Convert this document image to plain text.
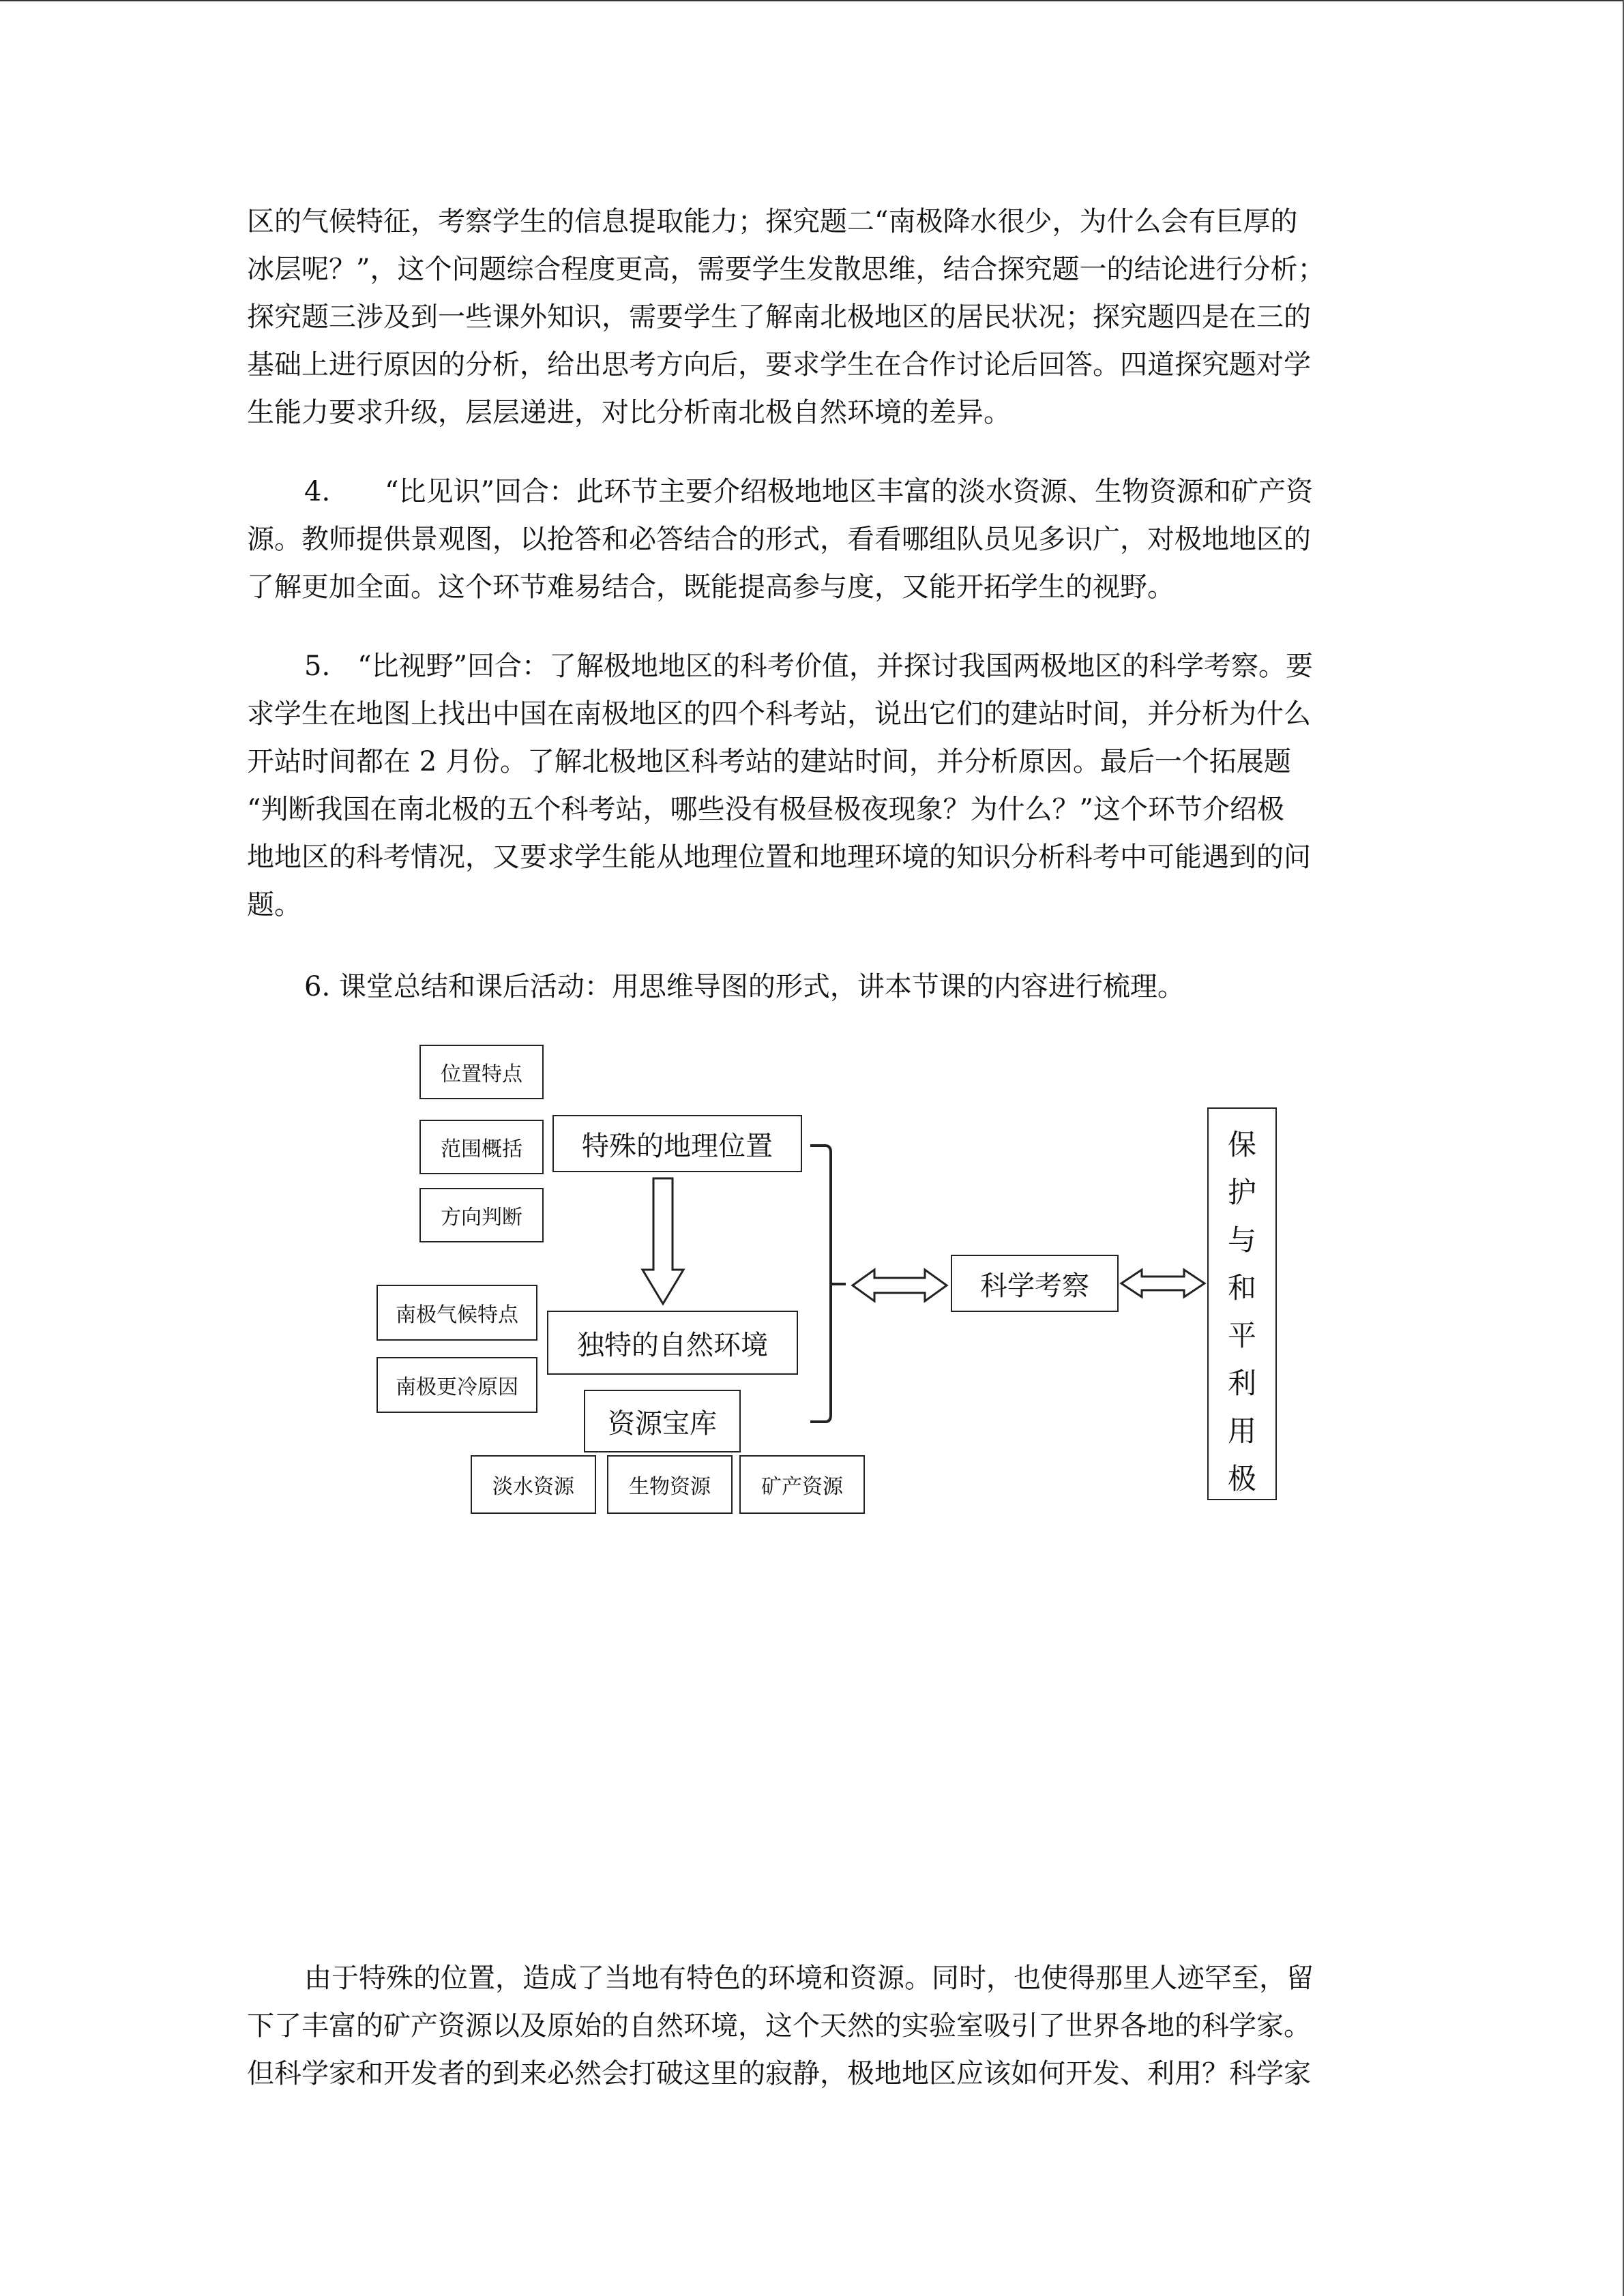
区的气候特征，考察学生的信息提取能力；探究题二“南极降水很少，为什么会有巨厚的
冰层呢？”，这个问题综合程度更高，需要学生发散思维，结合探究题一的结论进行分析；
探究题三涉及到一些课外知识，需要学生了解南北极地区的居民状况；探究题四是在三的
基础上进行原因的分析，给出思考方向后，要求学生在合作讨论后回答。四道探究题对学
生能力要求升级，层层递进，对比分析南北极自然环境的差异。

4.　　“比见识”回合：此环节主要介绍极地地区丰富的淡水资源、生物资源和矿产资
源。教师提供景观图，以抢答和必答结合的形式，看看哪组队员见多识广，对极地地区的
了解更加全面。这个环节难易结合，既能提高参与度，又能开拓学生的视野。

5.　“比视野”回合：了解极地地区的科考价值，并探讨我国两极地区的科学考察。要
求学生在地图上找出中国在南极地区的四个科考站，说出它们的建站时间，并分析为什么
开站时间都在 2 月份。了解北极地区科考站的建站时间，并分析原因。最后一个拓展题
“判断我国在南北极的五个科考站，哪些没有极昼极夜现象？为什么？”这个环节介绍极
地地区的科考情况，又要求学生能从地理位置和地理环境的知识分析科考中可能遇到的问
题。

6. 课堂总结和课后活动：用思维导图的形式，讲本节课的内容进行梳理。

位置特点
范围概括
方向判断
特殊的地理位置
南极气候特点
南极更冷原因
独特的自然环境
资源宝库
淡水资源	生物资源 矿产资源
科学考察
保
护
与
和
平
利
用
极

由于特殊的位置，造成了当地有特色的环境和资源。同时，也使得那里人迹罕至，留
下了丰富的矿产资源以及原始的自然环境，这个天然的实验室吸引了世界各地的科学家。
但科学家和开发者的到来必然会打破这里的寂静，极地地区应该如何开发、利用？科学家
